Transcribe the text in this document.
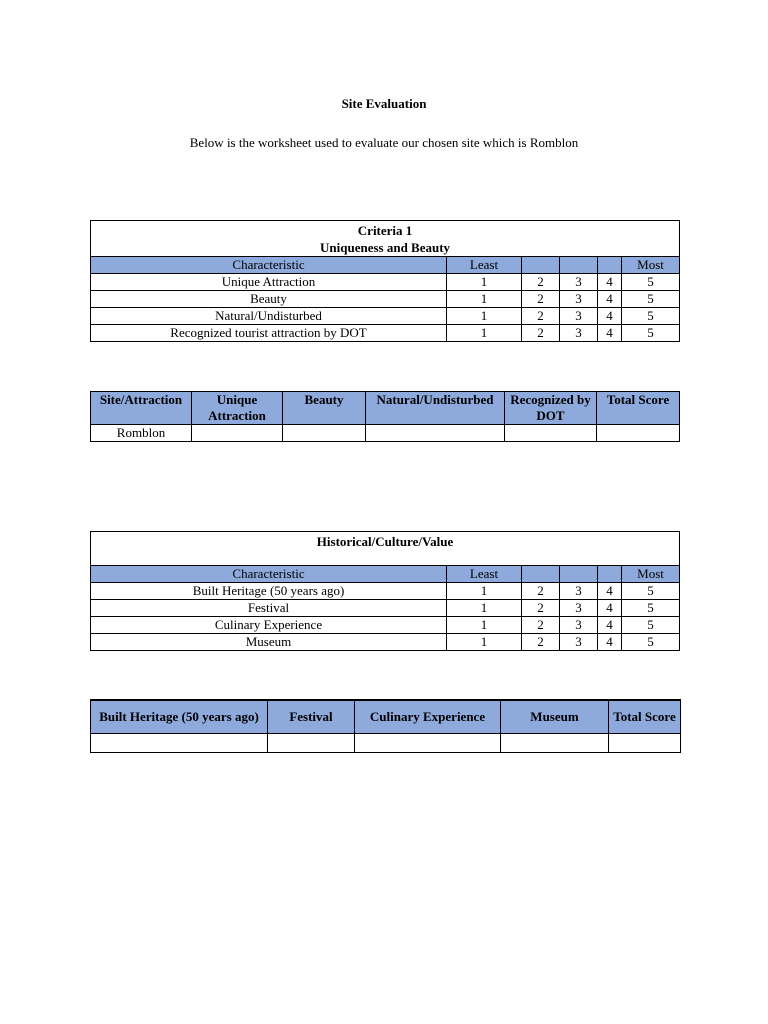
Site Evaluation
Below is the worksheet used to evaluate our chosen site which is Romblon
Criteria 1
Uniqueness and Beauty					

Characteristic	Least				Most
Unique Attraction	1	2	3	4	5
Beauty	1	2	3	4	5
Natural/Undisturbed	1	2	3	4	5
Recognized tourist attraction by DOT	1	2	3	4	5
Site/Attraction	Unique Attraction	Beauty	Natural/Undisturbed	Recognized by DOT	Total Score
Romblon					
Historical/Culture/Value					

Characteristic	Least				Most
Built Heritage (50 years ago)	1	2	3	4	5
Festival	1	2	3	4	5
Culinary Experience	1	2	3	4	5
Museum	1	2	3	4	5
Built Heritage (50 years ago)	Festival	Culinary Experience	Museum	Total Score
